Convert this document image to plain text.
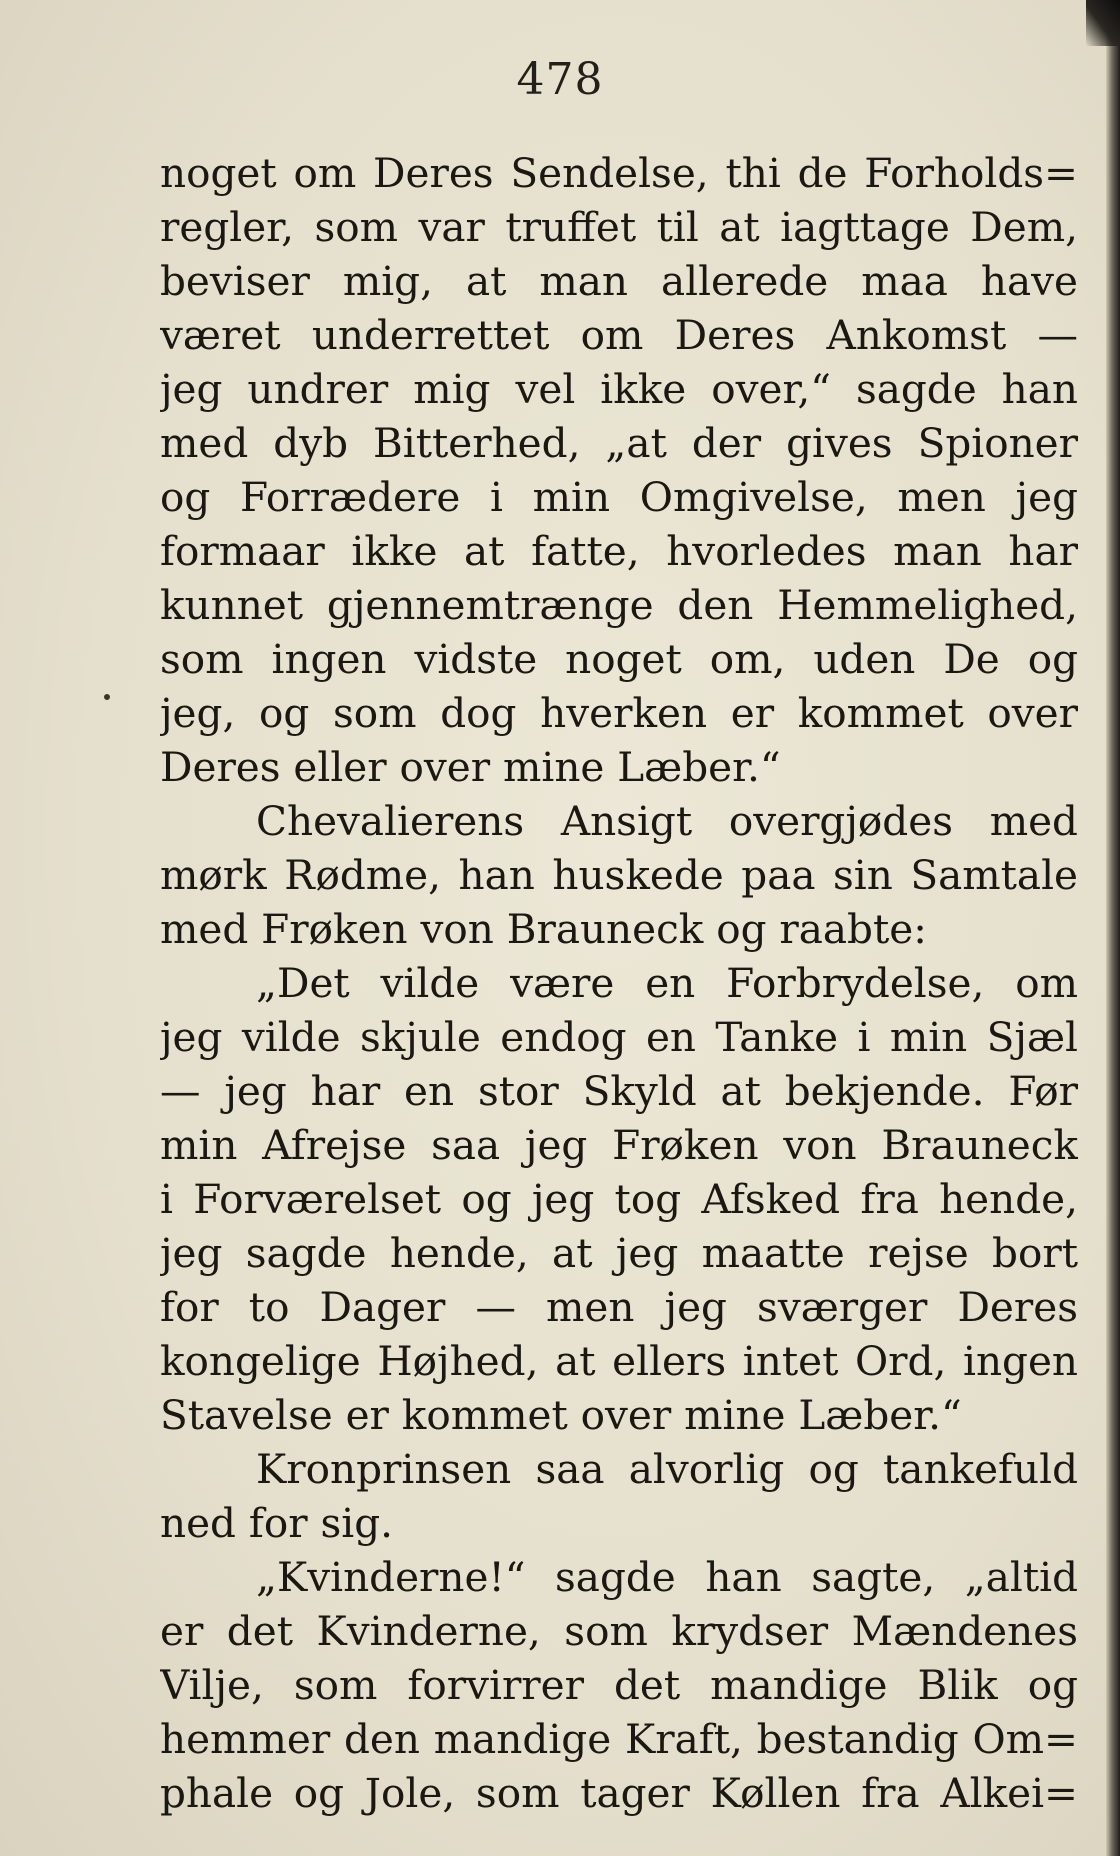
478
noget om Deres Sendelse, thi de Forholds=
regler, som var truffet til at iagttage Dem,
beviser mig, at man allerede maa have
været underrettet om Deres Ankomst —
jeg undrer mig vel ikke over,“ sagde han
med dyb Bitterhed, „at der gives Spioner
og Forrædere i min Omgivelse, men jeg
formaar ikke at fatte, hvorledes man har
kunnet gjennemtrænge den Hemmelighed,
som ingen vidste noget om, uden De og
jeg, og som dog hverken er kommet over
Deres eller over mine Læber.“
Chevalierens Ansigt overgjødes med
mørk Rødme, han huskede paa sin Samtale
med Frøken von Brauneck og raabte:
„Det vilde være en Forbrydelse, om
jeg vilde skjule endog en Tanke i min Sjæl
— jeg har en stor Skyld at bekjende. Før
min Afrejse saa jeg Frøken von Brauneck
i Forværelset og jeg tog Afsked fra hende,
jeg sagde hende, at jeg maatte rejse bort
for to Dager — men jeg sværger Deres
kongelige Højhed, at ellers intet Ord, ingen
Stavelse er kommet over mine Læber.“
Kronprinsen saa alvorlig og tankefuld
ned for sig.
„Kvinderne!“ sagde han sagte, „altid
er det Kvinderne, som krydser Mændenes
Vilje, som forvirrer det mandige Blik og
hemmer den mandige Kraft, bestandig Om=
phale og Jole, som tager Køllen fra Alkei=
